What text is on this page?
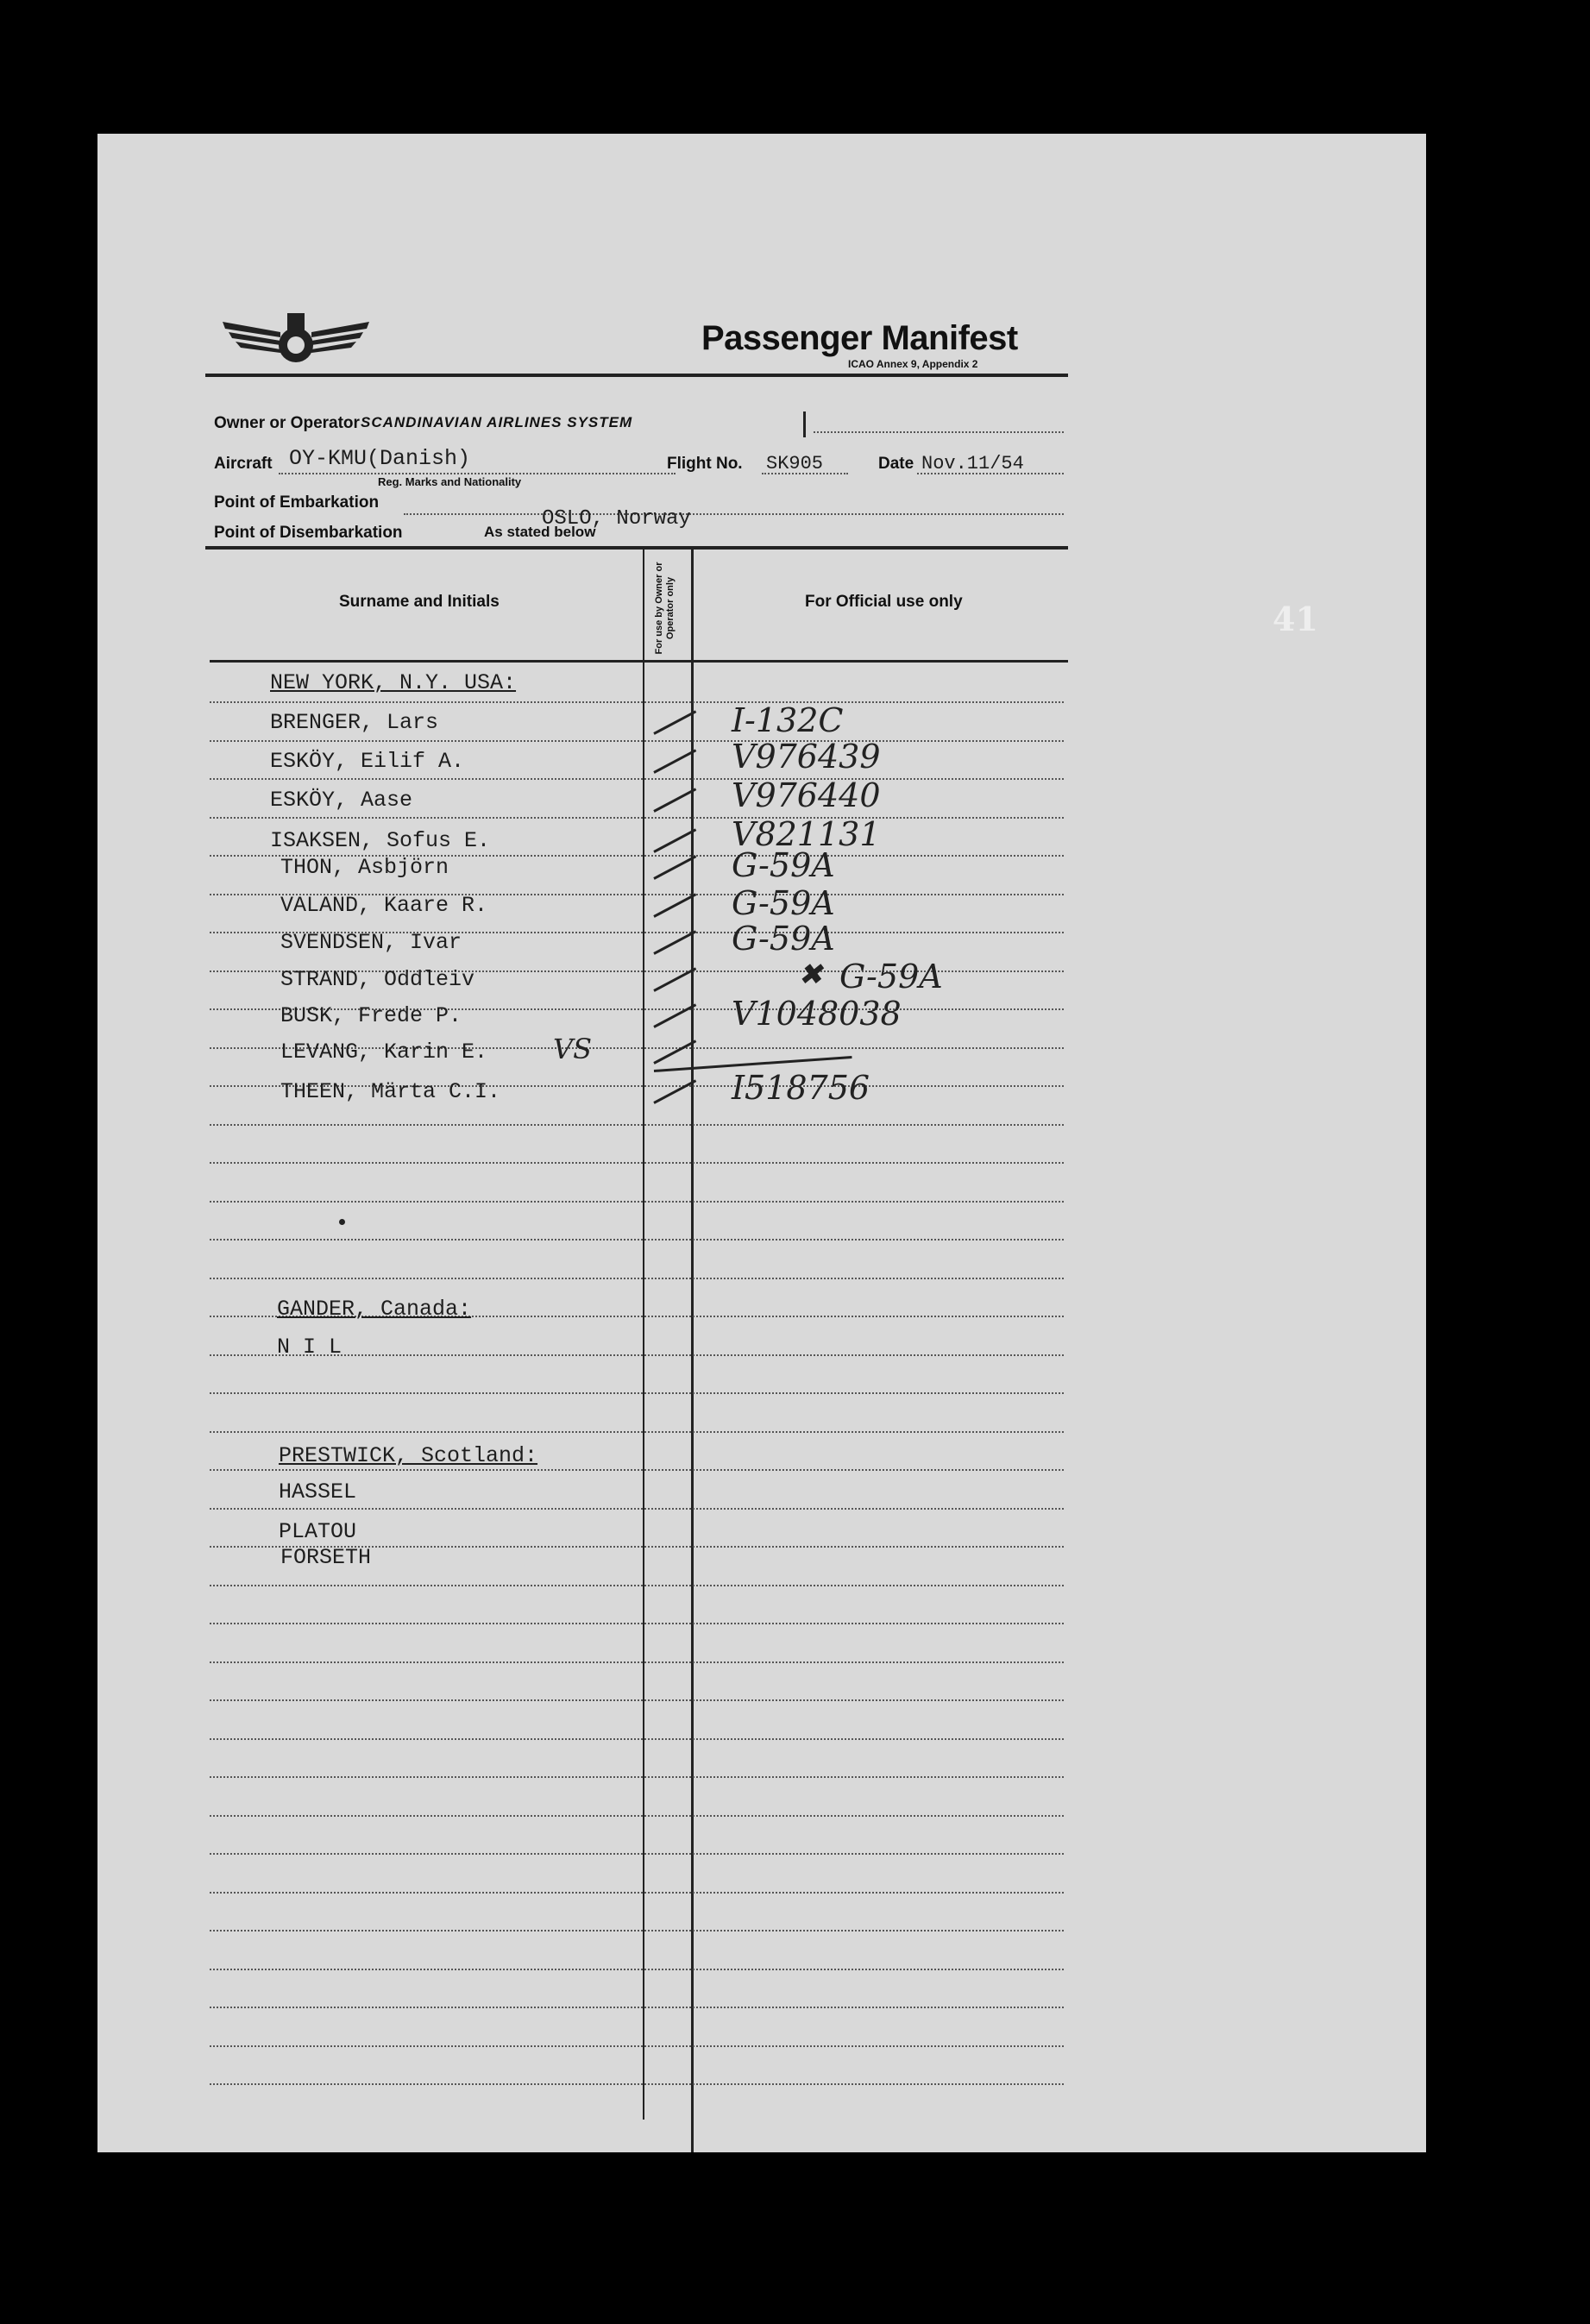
Passenger Manifest
ICAO Annex 9, Appendix 2
Owner or Operator SCANDINAVIAN AIRLINES SYSTEM
Aircraft OY-KMU(Danish)
Reg. Marks and Nationality
Flight No. SK905	Date Nov.11/54
Point of Embarkation
OSLO, Norway
Point of Disembarkation	As stated below
Surname and Initials	For use by Owner or Operator only	For Official use only
NEW YORK, N.Y. USA:
BRENGER, Lars	I-132C
ESKÖY, Eilif A.	V976439
ESKÖY, Aase	V976440
ISAKSEN, Sofus E.	V821131
THON, Asbjörn	G-59A
VALAND, Kaare R.	G-59A
SVENDSEN, Ivar	G-59A
STRAND, Oddleiv	G-59A
BUSK, Frede P.	V1048038
LEVANG, Karin E. VS
THEEN, Märta C.I.	I518756
✖
GANDER, Canada:
N I L
PRESTWICK, Scotland:
HASSEL
PLATOU
FORSETH
41
